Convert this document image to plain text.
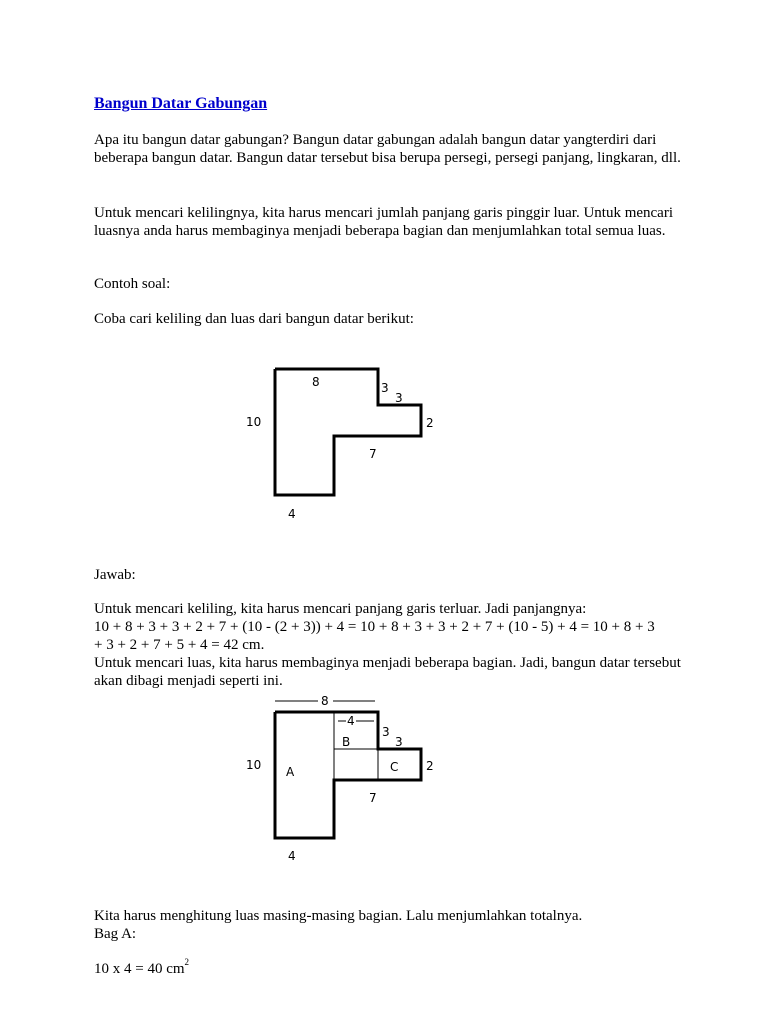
Bangun Datar Gabungan

Apa itu bangun datar gabungan? Bangun datar gabungan adalah bangun datar yangterdiri dari beberapa bangun datar. Bangun datar tersebut bisa berupa persegi, persegi panjang, lingkaran, dll.

Untuk mencari kelilingnya, kita harus mencari jumlah panjang garis pinggir luar. Untuk mencari luasnya anda harus membaginya menjadi beberapa bagian dan menjumlahkan total semua luas.

Contoh soal:

Coba cari keliling dan luas dari bangun datar berikut:

Jawab:

Untuk mencari keliling, kita harus mencari panjang garis terluar. Jadi panjangnya:

10 + 8 + 3 + 3 + 2 + 7 + (10 - (2 + 3)) + 4 = 10 + 8 + 3 + 3 + 2 + 7 + (10 - 5) + 4 = 10 + 8 + 3

+ 3 + 2 + 7 + 5 + 4 = 42 cm.

Untuk mencari luas, kita harus membaginya menjadi beberapa bagian. Jadi, bangun datar tersebut akan dibagi menjadi seperti ini.

Kita harus menghitung luas masing-masing bagian. Lalu menjumlahkan totalnya.

Bag A:

10 x 4 = 40 $cm^2$

10
8	3
3
2
7
4
8
4
3
3
10 A
B
C 2
7
4
